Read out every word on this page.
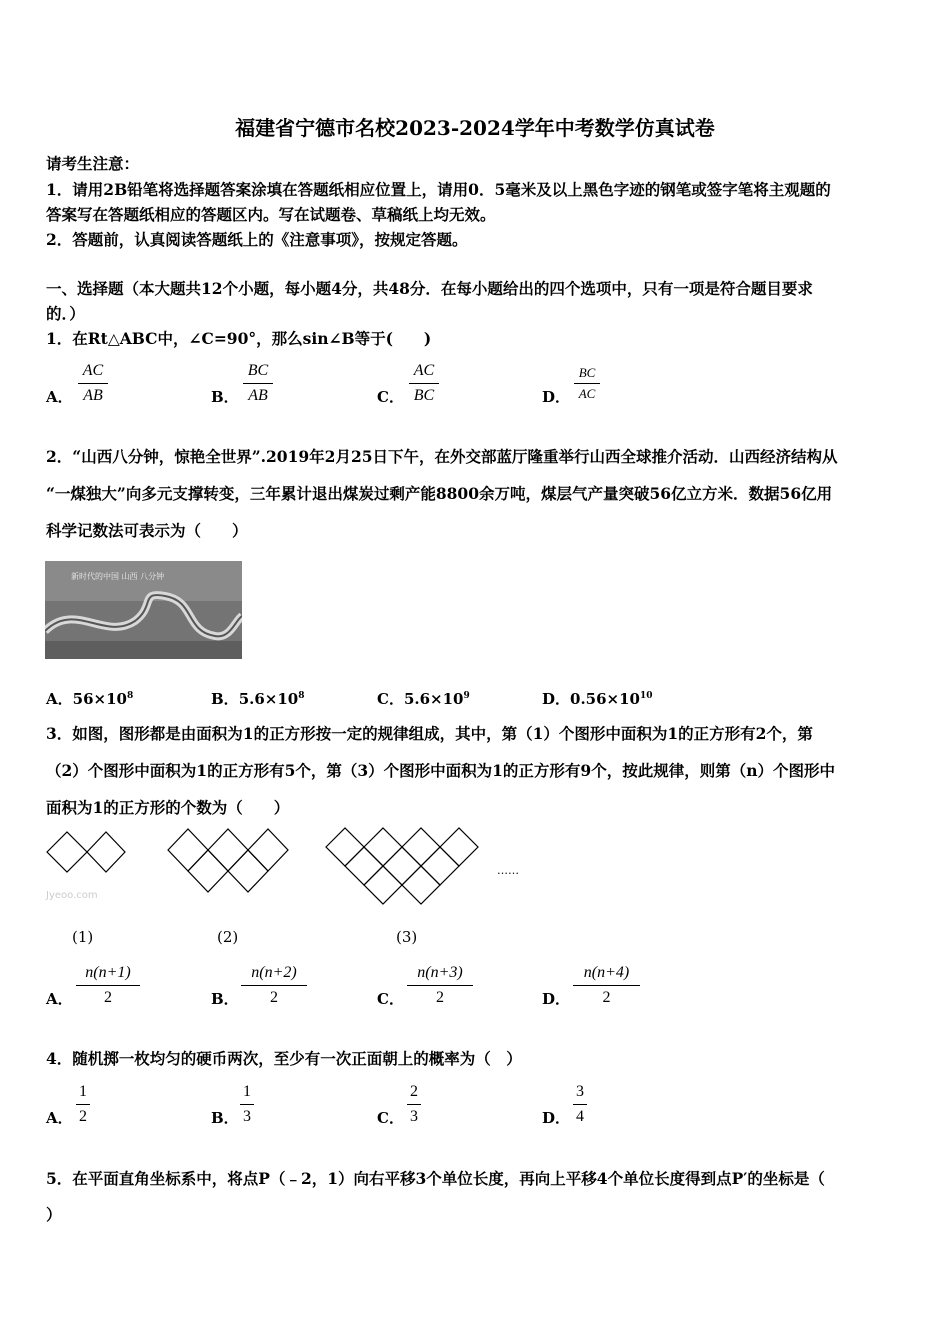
福建省宁德市名校2023-2024学年中考数学仿真试卷
请考生注意：
1．请用2B铅笔将选择题答案涂填在答题纸相应位置上，请用0．5毫米及以上黑色字迹的钢笔或签字笔将主观题的
答案写在答题纸相应的答题区内。写在试题卷、草稿纸上均无效。
2．答题前，认真阅读答题纸上的《注意事项》，按规定答题。
一、选择题（本大题共12个小题，每小题4分，共48分．在每小题给出的四个选项中，只有一项是符合题目要求
的．）
1．在Rt△ABC中，∠C=90°，那么sin∠B等于(　　)
A．
AC
AB	B．
BC
AB	C．
AC
BC	D．
BC
AC
2．“山西八分钟，惊艳全世界”.2019年2月25日下午，在外交部蓝厅隆重举行山西全球推介活动．山西经济结构从
“一煤独大”向多元支撑转变，三年累计退出煤炭过剩产能8800余万吨，煤层气产量突破56亿立方米．数据56亿用
科学记数法可表示为（　　）
新时代的中国 山西 八分钟
A．$56\times 10^8$	B．$5.6\times 10^8$	C．$5.6\times 10^9$	D．$0.56\times 10^{10}$
3．如图，图形都是由面积为1的正方形按一定的规律组成，其中，第（1）个图形中面积为1的正方形有2个，第
（2）个图形中面积为1的正方形有5个，第（3）个图形中面积为1的正方形有9个，按此规律，则第（n）个图形中
面积为1的正方形的个数为（　　）
……
Jyeoo.com
(1)	(2)	(3)
A．
n(n+1)
2	B．
n(n+2)
2	C．
n(n+3)
2	D．
n(n+4)
2
4．随机掷一枚均匀的硬币两次，至少有一次正面朝上的概率为（　）
A．
1
2	B．
1
3	C．
2
3	D．
3
4
5．在平面直角坐标系中，将点P（﹣2，1）向右平移3个单位长度，再向上平移4个单位长度得到点P′的坐标是（
）
